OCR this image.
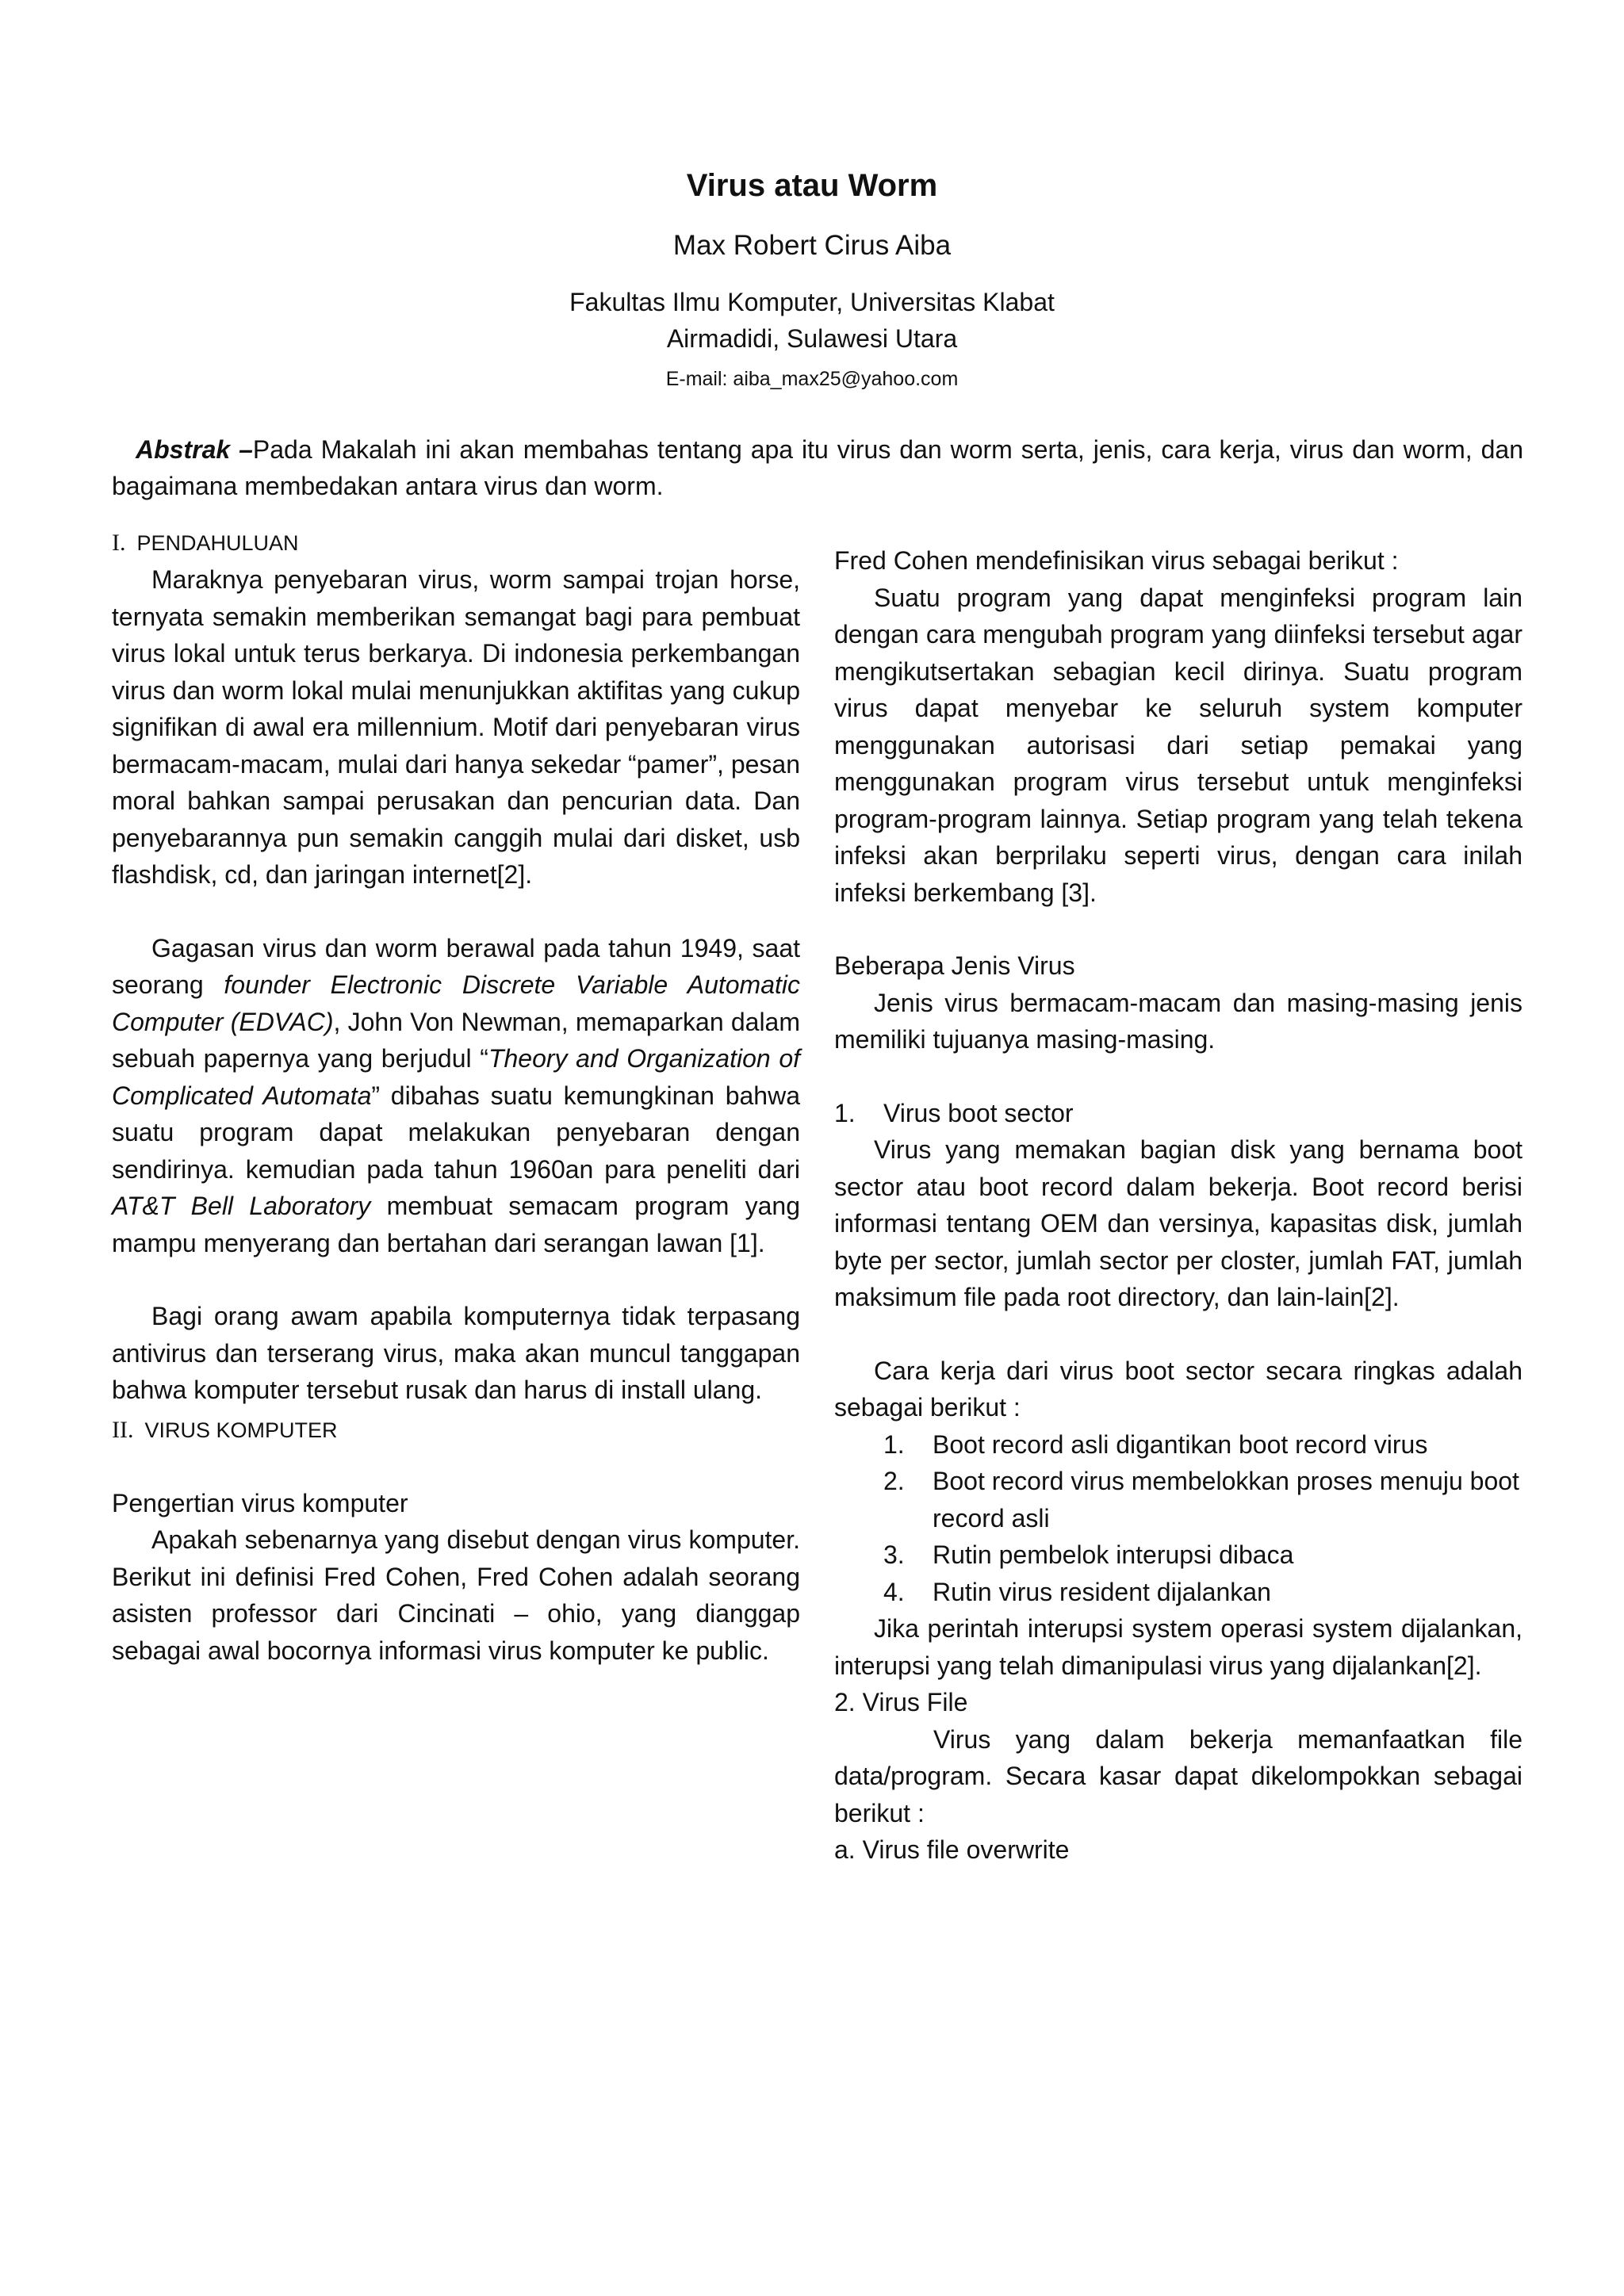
Virus atau Worm
Max Robert Cirus Aiba
Fakultas Ilmu Komputer, Universitas Klabat
Airmadidi, Sulawesi Utara
E-mail: aiba_max25@yahoo.com

Abstrak –Pada Makalah ini akan membahas tentang apa itu virus dan worm serta, jenis, cara kerja, virus dan worm, dan bagaimana membedakan antara virus dan worm.

I. PENDAHULUAN

Maraknya penyebaran virus, worm sampai trojan horse, ternyata semakin memberikan semangat bagi para pembuat virus lokal untuk terus berkarya. Di indonesia perkembangan virus dan worm lokal mulai menunjukkan aktifitas yang cukup signifikan di awal era millennium. Motif dari penyebaran virus bermacam-macam, mulai dari hanya sekedar “pamer”, pesan moral bahkan sampai perusakan dan pencurian data. Dan penyebarannya pun semakin canggih mulai dari disket, usb flashdisk, cd, dan jaringan internet[2].

Gagasan virus dan worm berawal pada tahun 1949, saat seorang founder Electronic Discrete Variable Automatic Computer (EDVAC), John Von Newman, memaparkan dalam sebuah papernya yang berjudul “Theory and Organization of Complicated Automata” dibahas suatu kemungkinan bahwa suatu program dapat melakukan penyebaran dengan sendirinya. kemudian pada tahun 1960an para peneliti dari AT&T Bell Laboratory membuat semacam program yang mampu menyerang dan bertahan dari serangan lawan [1].

Bagi orang awam apabila komputernya tidak terpasang antivirus dan terserang virus, maka akan muncul tanggapan bahwa komputer tersebut rusak dan harus di install ulang.

II. VIRUS KOMPUTER

Pengertian virus komputer

Apakah sebenarnya yang disebut dengan virus komputer. Berikut ini definisi Fred Cohen, Fred Cohen adalah seorang asisten professor dari Cincinati – ohio, yang dianggap sebagai awal bocornya informasi virus komputer ke public.

Fred Cohen mendefinisikan virus sebagai berikut :

Suatu program yang dapat menginfeksi program lain dengan cara mengubah program yang diinfeksi tersebut agar mengikutsertakan sebagian kecil dirinya. Suatu program virus dapat menyebar ke seluruh system komputer menggunakan autorisasi dari setiap pemakai yang menggunakan program virus tersebut untuk menginfeksi program-program lainnya. Setiap program yang telah tekena infeksi akan berprilaku seperti virus, dengan cara inilah infeksi berkembang [3].

Beberapa Jenis Virus

Jenis virus bermacam-macam dan masing-masing jenis memiliki tujuanya masing-masing.

1.	Virus boot sector

Virus yang memakan bagian disk yang bernama boot sector atau boot record dalam bekerja. Boot record berisi informasi tentang OEM dan versinya, kapasitas disk, jumlah byte per sector, jumlah sector per closter, jumlah FAT, jumlah maksimum file pada root directory, dan lain-lain[2].

Cara kerja dari virus boot sector secara ringkas adalah sebagai berikut :

1.	Boot record asli digantikan boot record virus
2.	Boot record virus membelokkan proses menuju boot record asli
3.	Rutin pembelok interupsi dibaca
4.	Rutin virus resident dijalankan

Jika perintah interupsi system operasi system dijalankan, interupsi yang telah dimanipulasi virus yang dijalankan[2].

2. Virus File

Virus yang dalam bekerja memanfaatkan file data/program. Secara kasar dapat dikelompokkan sebagai berikut :

a. Virus file overwrite
